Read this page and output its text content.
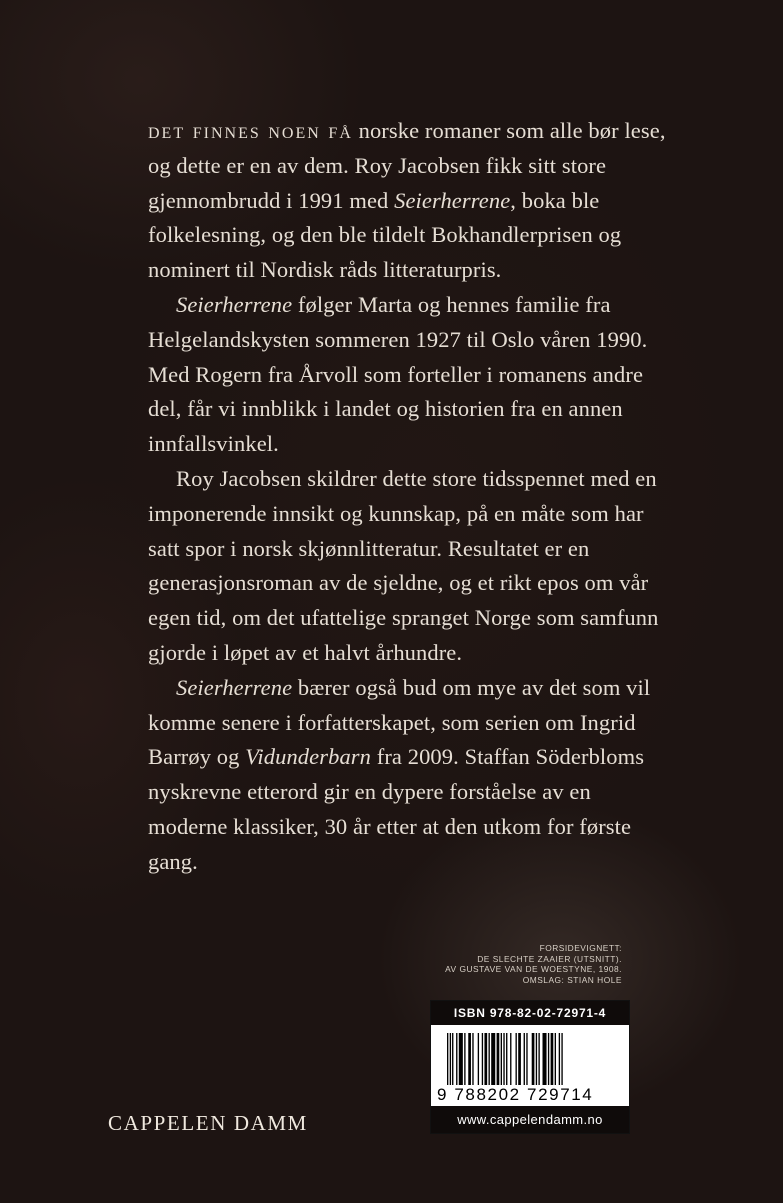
det finnes noen få norske romaner som alle bør lese, og dette er en av dem. Roy Jacobsen fikk sitt store gjennombrudd i 1991 med Seierherrene, boka ble folkelesning, og den ble tildelt Bokhandlerprisen og nominert til Nordisk råds litteraturpris.

Seierherrene følger Marta og hennes familie fra Helgelandskysten sommeren 1927 til Oslo våren 1990. Med Rogern fra Årvoll som forteller i romanens andre del, får vi innblikk i landet og historien fra en annen innfallsvinkel.

Roy Jacobsen skildrer dette store tidsspennet med en imponerende innsikt og kunnskap, på en måte som har satt spor i norsk skjønnlitteratur. Resultatet er en generasjonsroman av de sjeldne, og et rikt epos om vår egen tid, om det ufattelige spranget Norge som samfunn gjorde i løpet av et halvt århundre.

Seierherrene bærer også bud om mye av det som vil komme senere i forfatterskapet, som serien om Ingrid Barrøy og Vidunderbarn fra 2009. Staffan Söderbloms nyskrevne etterord gir en dypere forståelse av en moderne klassiker, 30 år etter at den utkom for første gang.

FORSIDEVIGNETT:
DE SLECHTE ZAAIER (UTSNITT).
AV GUSTAVE VAN DE WOESTYNE, 1908.
OMSLAG: STIAN HOLE
ISBN 978-82-02-72971-4
9 788202 729714
www.cappelendamm.no
CAPPELEN DAMM
